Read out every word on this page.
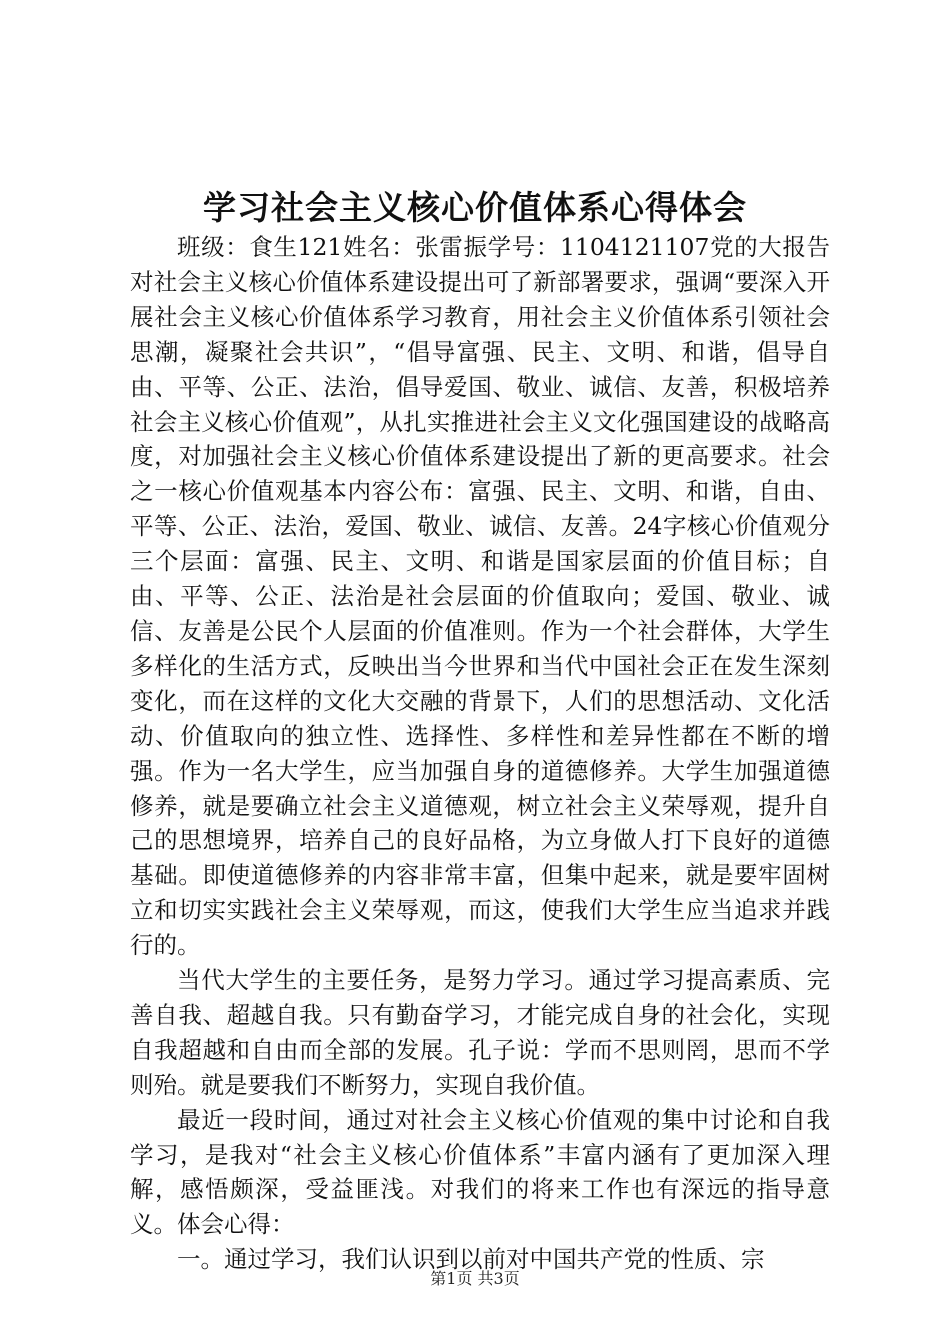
学习社会主义核心价值体系心得体会

班级：食生121姓名：张雷振学号：1104121107党的大报告对社会主义核心价值体系建设提出可了新部署要求，强调“要深入开展社会主义核心价值体系学习教育，用社会主义价值体系引领社会思潮，凝聚社会共识”，“倡导富强、民主、文明、和谐，倡导自由、平等、公正、法治，倡导爱国、敬业、诚信、友善，积极培养社会主义核心价值观”，从扎实推进社会主义文化强国建设的战略高度，对加强社会主义核心价值体系建设提出了新的更高要求。社会之一核心价值观基本内容公布：富强、民主、文明、和谐，自由、平等、公正、法治，爱国、敬业、诚信、友善。24字核心价值观分三个层面：富强、民主、文明、和谐是国家层面的价值目标；自由、平等、公正、法治是社会层面的价值取向；爱国、敬业、诚信、友善是公民个人层面的价值准则。作为一个社会群体，大学生多样化的生活方式，反映出当今世界和当代中国社会正在发生深刻变化，而在这样的文化大交融的背景下，人们的思想活动、文化活动、价值取向的独立性、选择性、多样性和差异性都在不断的增强。作为一名大学生，应当加强自身的道德修养。大学生加强道德修养，就是要确立社会主义道德观，树立社会主义荣辱观，提升自己的思想境界，培养自己的良好品格，为立身做人打下良好的道德基础。即使道德修养的内容非常丰富，但集中起来，就是要牢固树立和切实实践社会主义荣辱观，而这，使我们大学生应当追求并践行的。

当代大学生的主要任务，是努力学习。通过学习提高素质、完善自我、超越自我。只有勤奋学习，才能完成自身的社会化，实现自我超越和自由而全部的发展。孔子说：学而不思则罔，思而不学则殆。就是要我们不断努力，实现自我价值。

最近一段时间，通过对社会主义核心价值观的集中讨论和自我学习，是我对“社会主义核心价值体系”丰富内涵有了更加深入理解，感悟颇深，受益匪浅。对我们的将来工作也有深远的指导意义。体会心得：

一。通过学习，我们认识到以前对中国共产党的性质、宗

第1页 共3页
